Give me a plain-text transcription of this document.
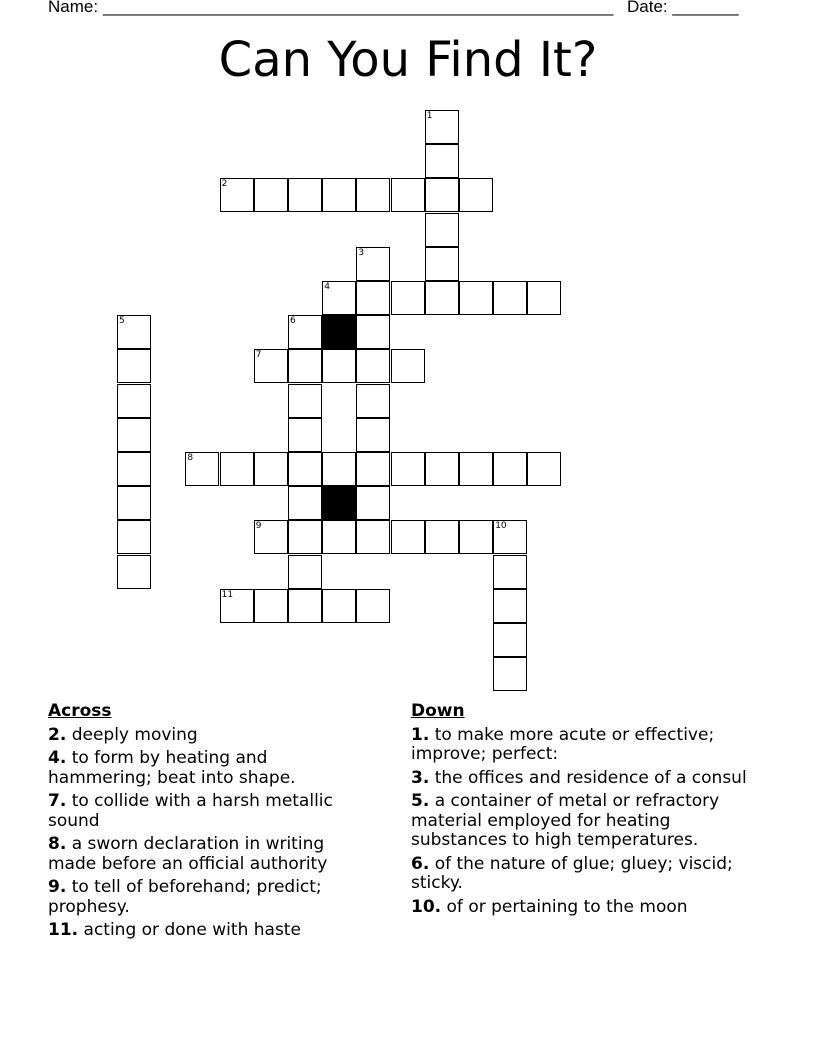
Name: ______________________________________________________ Date: _______
Can You Find It?
1
2
3
4
5	6
7
8
9	10
11
Across
2. deeply moving
4. to form by heating and hammering; beat into shape.
7. to collide with a harsh metallic sound
8. a sworn declaration in writing made before an official authority
9. to tell of beforehand; predict; prophesy.
11. acting or done with haste
Down
1. to make more acute or effective; improve; perfect:
3. the offices and residence of a consul
5. a container of metal or refractory material employed for heating substances to high temperatures.
6. of the nature of glue; gluey; viscid; sticky.
10. of or pertaining to the moon
